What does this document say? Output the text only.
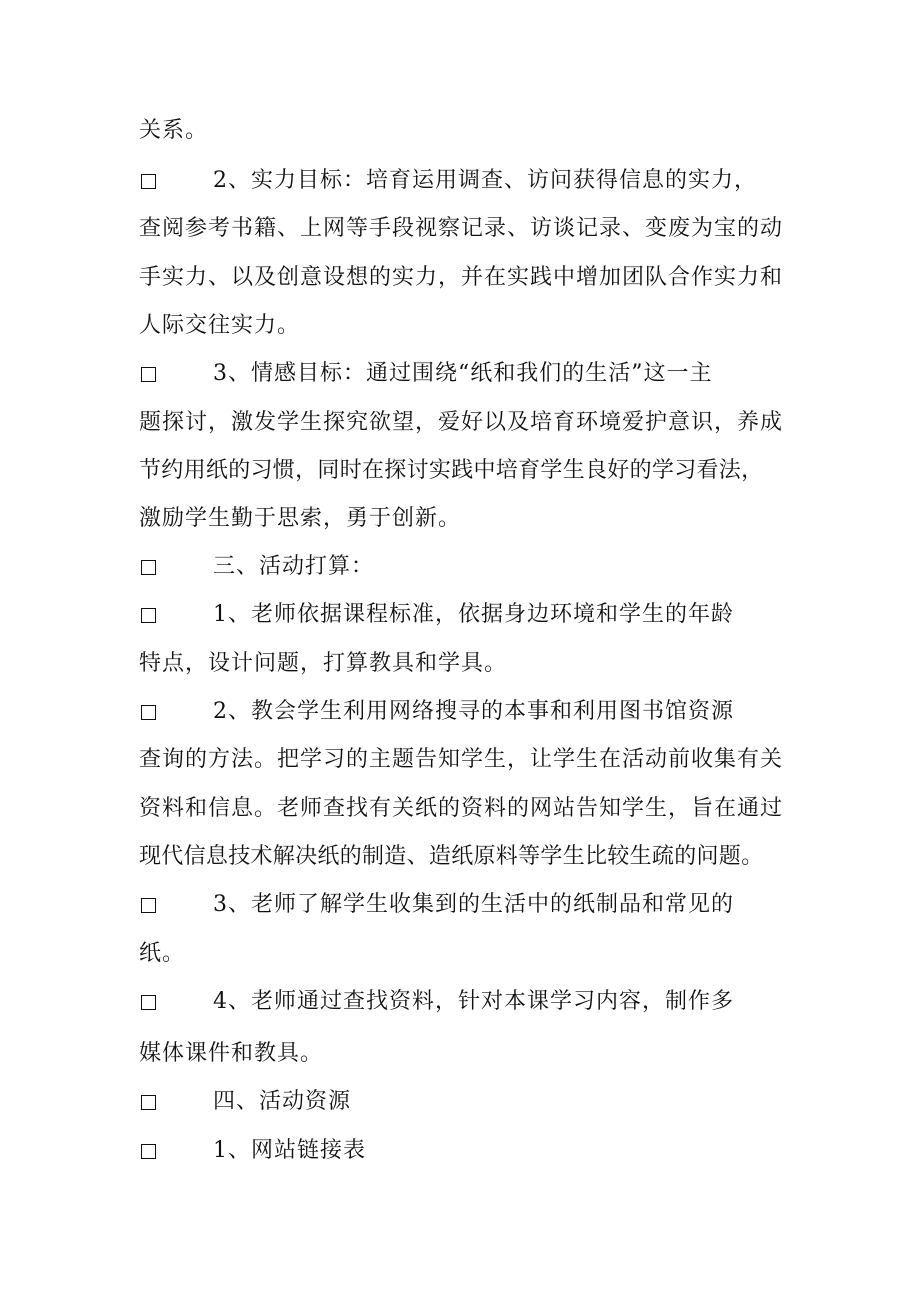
关系。
2、实力目标：培育运用调查、访问获得信息的实力，
查阅参考书籍、上网等手段视察记录、访谈记录、变废为宝的动
手实力、以及创意设想的实力，并在实践中增加团队合作实力和
人际交往实力。
3、情感目标：通过围绕“纸和我们的生活”这一主
题探讨，激发学生探究欲望，爱好以及培育环境爱护意识，养成
节约用纸的习惯，同时在探讨实践中培育学生良好的学习看法，
激励学生勤于思索，勇于创新。
三、活动打算：
1、老师依据课程标准，依据身边环境和学生的年龄
特点，设计问题，打算教具和学具。
2、教会学生利用网络搜寻的本事和利用图书馆资源
查询的方法。把学习的主题告知学生，让学生在活动前收集有关
资料和信息。老师查找有关纸的资料的网站告知学生，旨在通过
现代信息技术解决纸的制造、造纸原料等学生比较生疏的问题。
3、老师了解学生收集到的生活中的纸制品和常见的
纸。
4、老师通过查找资料，针对本课学习内容，制作多
媒体课件和教具。
四、活动资源
1、网站链接表
